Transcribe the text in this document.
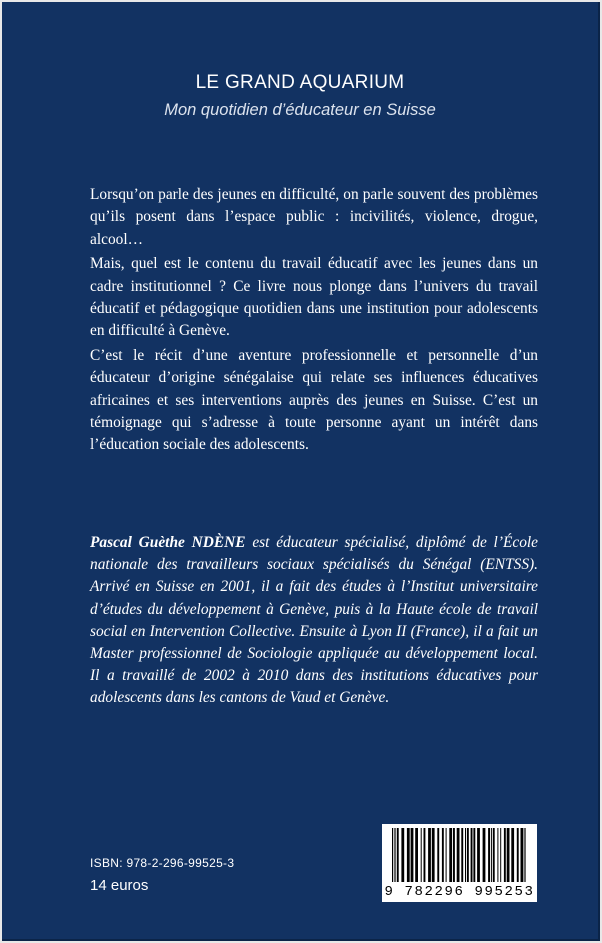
LE GRAND AQUARIUM
Mon quotidien d’éducateur en Suisse

Lorsqu’on parle des jeunes en difficulté, on parle souvent des problèmes qu’ils posent dans l’espace public : incivilités, violence, drogue, alcool…

Mais, quel est le contenu du travail éducatif avec les jeunes dans un cadre institutionnel ? Ce livre nous plonge dans l’univers du travail éducatif et pédagogique quotidien dans une institution pour adolescents en difficulté à Genève.

C’est le récit d’une aventure professionnelle et personnelle d’un éducateur d’origine sénégalaise qui relate ses influences éducatives africaines et ses interventions auprès des jeunes en Suisse. C’est un témoignage qui s’adresse à toute personne ayant un intérêt dans l’éducation sociale des adolescents.

Pascal Guèthe NDÈNE est éducateur spécialisé, diplômé de l’École nationale des travailleurs sociaux spécialisés du Sénégal (ENTSS). Arrivé en Suisse en 2001, il a fait des études à l’Institut universitaire d’études du développement à Genève, puis à la Haute école de travail social en Intervention Collective. Ensuite à Lyon II (France), il a fait un Master professionnel de Sociologie appliquée au développement local. Il a travaillé de 2002 à 2010 dans des institutions éducatives pour adolescents dans les cantons de Vaud et Genève.
ISBN: 978-2-296-99525-3
14 euros	9 782296 995253
